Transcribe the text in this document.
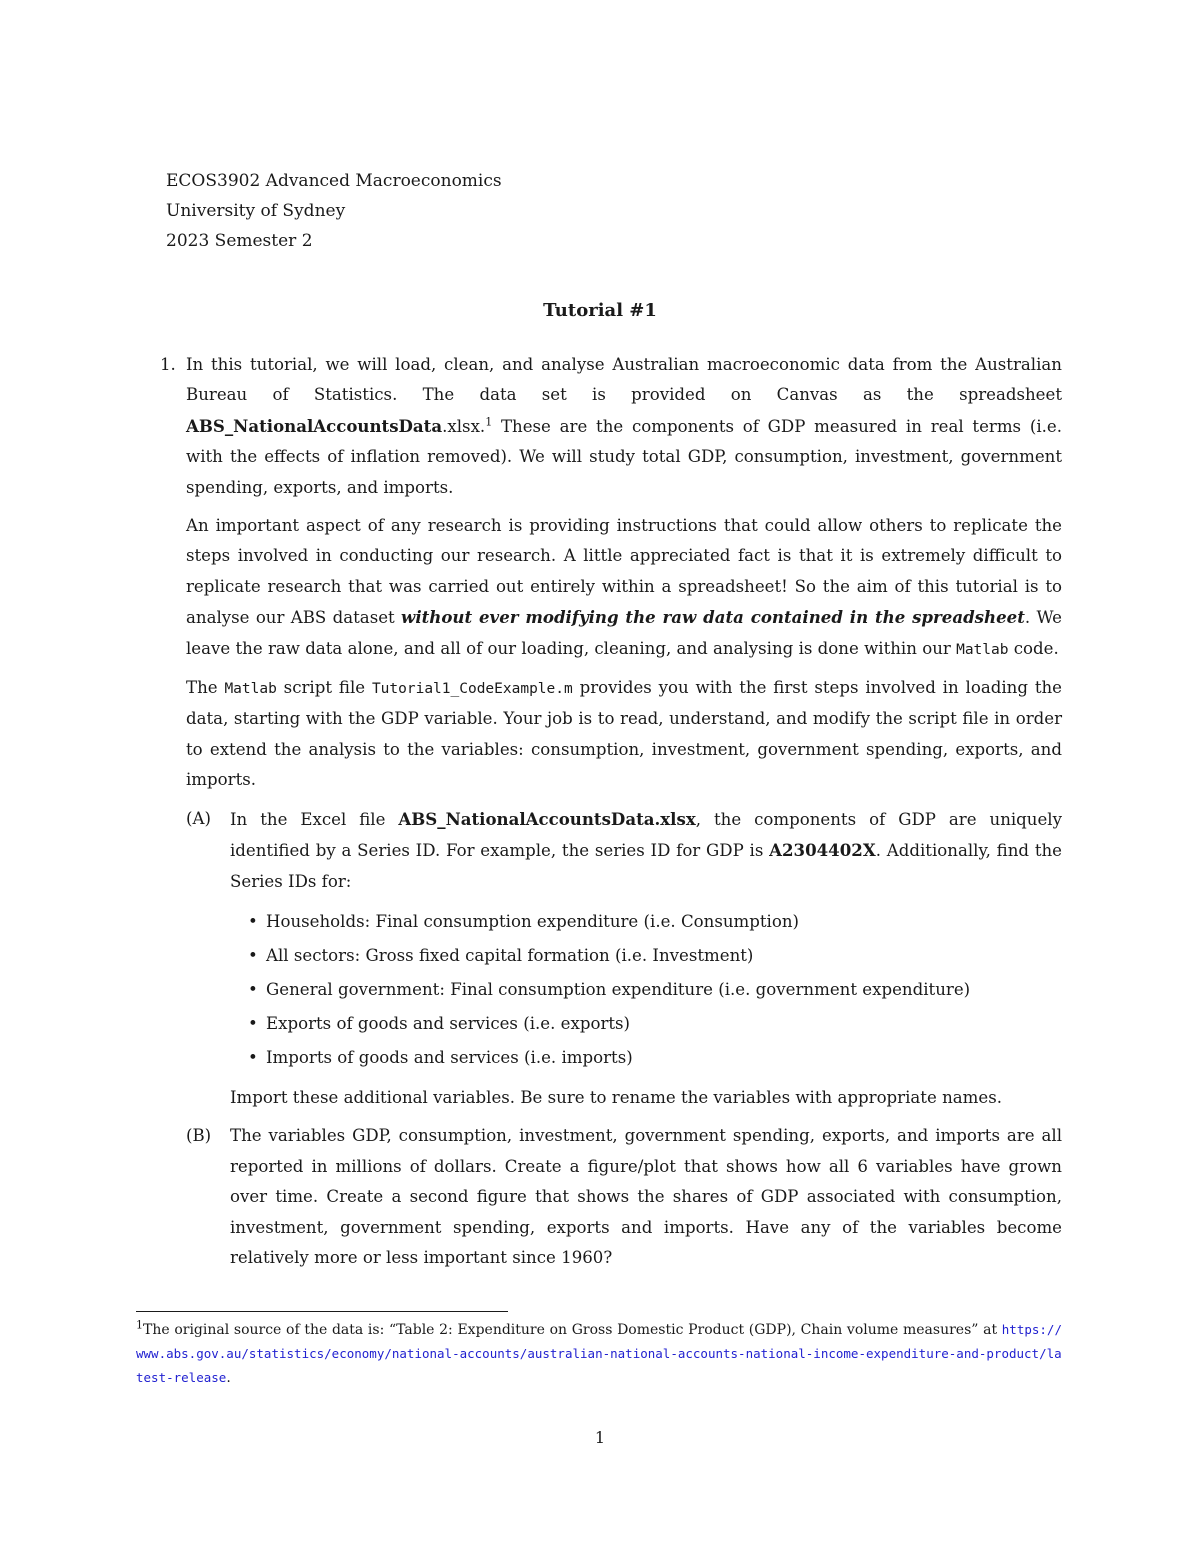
ECOS3902 Advanced Macroeconomics
University of Sydney
2023 Semester 2
Tutorial #1
1. In this tutorial, we will load, clean, and analyse Australian macroeconomic data from the Australian Bureau of Statistics. The data set is provided on Canvas as the spreadsheet ABS_NationalAccountsData.xlsx.$^1$ These are the components of GDP measured in real terms (i.e. with the effects of inflation removed). We will study total GDP, consumption, investment, government spending, exports, and imports.

An important aspect of any research is providing instructions that could allow others to replicate the steps involved in conducting our research. A little appreciated fact is that it is extremely difficult to replicate research that was carried out entirely within a spreadsheet! So the aim of this tutorial is to analyse our ABS dataset without ever modifying the raw data contained in the spreadsheet. We leave the raw data alone, and all of our loading, cleaning, and analysing is done within our Matlab code.

The Matlab script file Tutorial1_CodeExample.m provides you with the first steps involved in loading the data, starting with the GDP variable. Your job is to read, understand, and modify the script file in order to extend the analysis to the variables: consumption, investment, government spending, exports, and imports.

(A) In the Excel file ABS_NationalAccountsData.xlsx, the components of GDP are uniquely identified by a Series ID. For example, the series ID for GDP is A2304402X. Additionally, find the Series IDs for:

• Households: Final consumption expenditure (i.e. Consumption)
• All sectors: Gross fixed capital formation (i.e. Investment)
• General government: Final consumption expenditure (i.e. government expenditure)
• Exports of goods and services (i.e. exports)
• Imports of goods and services (i.e. imports)

Import these additional variables. Be sure to rename the variables with appropriate names.

(B) The variables GDP, consumption, investment, government spending, exports, and imports are all reported in millions of dollars. Create a figure/plot that shows how all 6 variables have grown over time. Create a second figure that shows the shares of GDP associated with consumption, investment, government spending, exports and imports. Have any of the variables become relatively more or less important since 1960?

$^1$The original source of the data is: “Table 2: Expenditure on Gross Domestic Product (GDP), Chain volume measures” at https://www.abs.gov.au/statistics/economy/national-accounts/australian-national-accounts-national-income-expenditure-and-product/latest-release.
1
